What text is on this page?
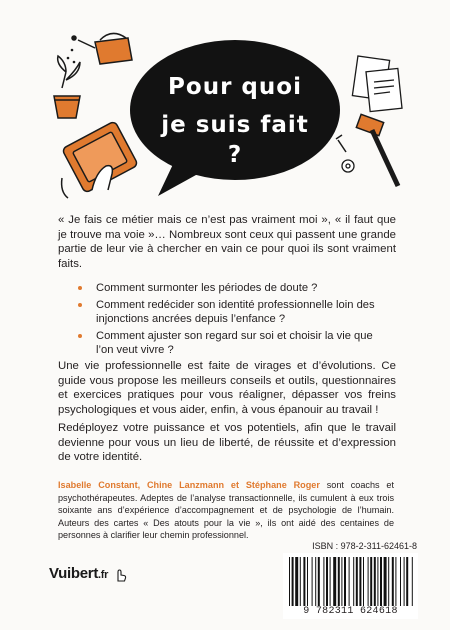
Pour quoi
je suis fait ?

« Je fais ce métier mais ce n’est pas vraiment moi », « il faut que je trouve ma voie »… Nombreux sont ceux qui passent une grande partie de leur vie à chercher en vain ce pour quoi ils sont vraiment faits.

Comment surmonter les périodes de doute ?
Comment redécider son identité professionnelle loin des injonctions ancrées depuis l’enfance ?
Comment ajuster son regard sur soi et choisir la vie que l’on veut vivre ?

Une vie professionnelle est faite de virages et d’évolutions. Ce guide vous propose les meilleurs conseils et outils, questionnaires et exercices pratiques pour vous réaligner, dépasser vos freins psychologiques et vous aider, enfin, à vous épanouir au travail !

Redéployez votre puissance et vos potentiels, afin que le travail devienne pour vous un lieu de liberté, de réussite et d’expression de votre identité.

Isabelle Constant, Chine Lanzmann et Stéphane Roger sont coachs et psychothérapeutes. Adeptes de l’analyse transactionnelle, ils cumulent à eux trois soixante ans d’expérience d’accompagnement et de psychologie de l’humain. Auteurs des cartes « Des atouts pour la vie », ils ont aidé des centaines de personnes à clarifier leur chemin professionnel.

Vuibert.fr
ISBN : 978-2-311-62461-8
9 782311 624618
